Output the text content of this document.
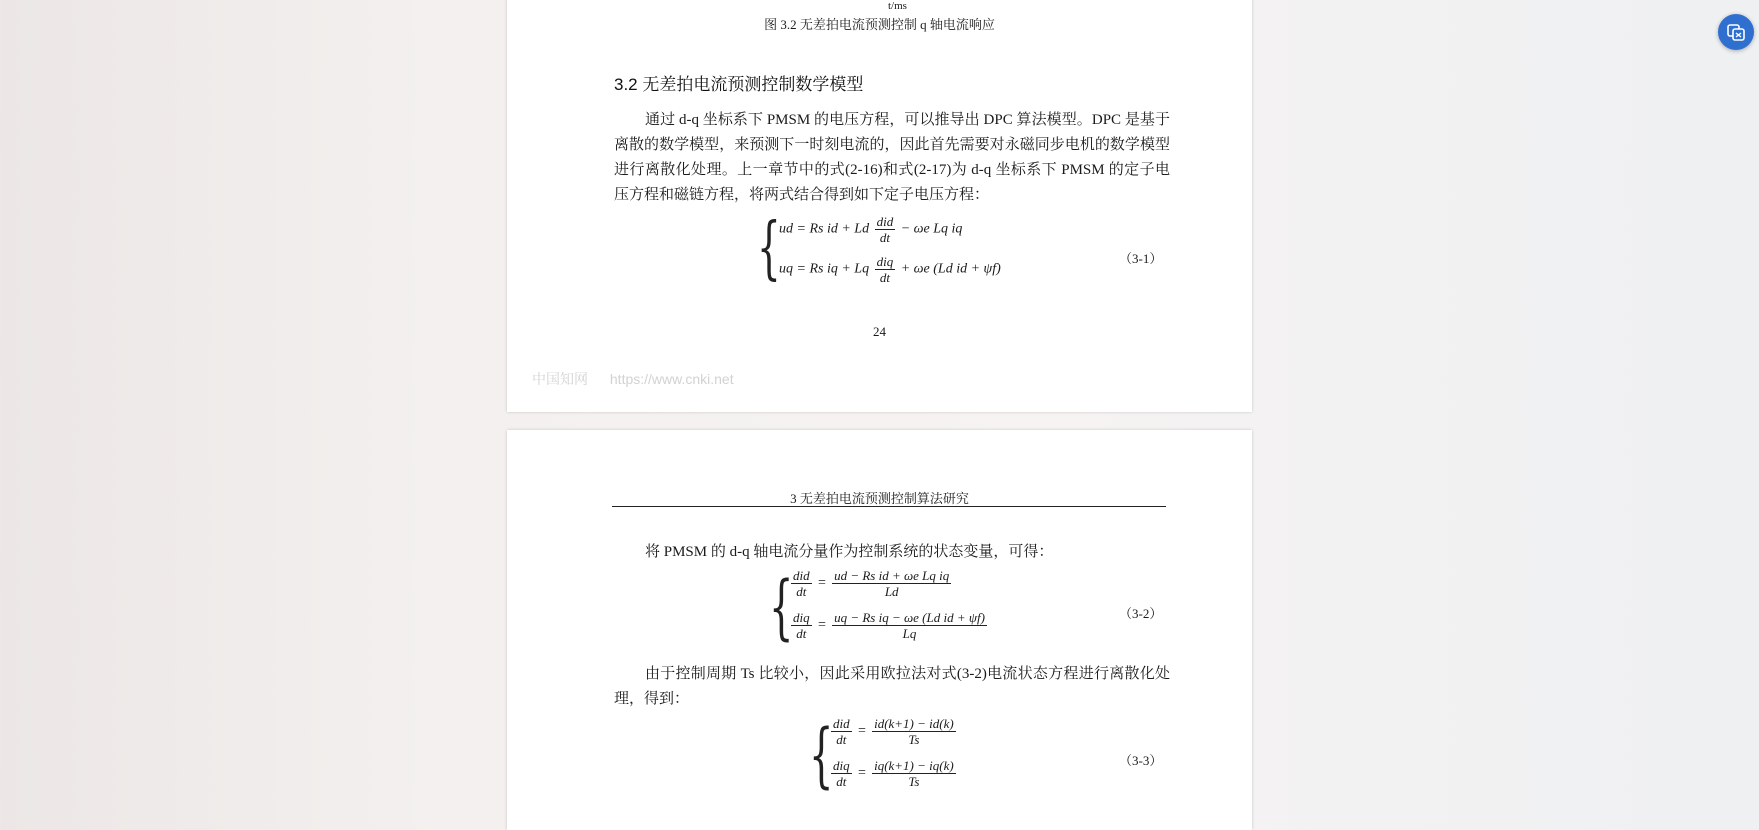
t/ms
图 3.2 无差拍电流预测控制 q 轴电流响应
3.2 无差拍电流预测控制数学模型
通过 d-q 坐标系下 PMSM 的电压方程，可以推导出 DPC 算法模型。DPC 是基于离散的数学模型，来预测下一时刻电流的，因此首先需要对永磁同步电机的数学模型进行离散化处理。上一章节中的式(2-16)和式(2-17)为 d-q 坐标系下 PMSM 的定子电压方程和磁链方程，将两式结合得到如下定子电压方程：
{
ud = Rs id + Ld $\frac{\text{did}}{dt} - \omega e$ Lq iq
uq = Rs iq + Lq $\frac{\text{diq}}{dt} + \omega e$ (Ld id + ψf)
（3-1）
24
中国知网 https://www.cnki.net
3 无差拍电流预测控制算法研究
将 PMSM 的 d-q 轴电流分量作为控制系统的状态变量，可得：
{
$\frac{\text{did}}{dt} = \frac{\text{ud − Rs id + ωe Lq iq}}{Ld}$
$\frac{\text{diq}}{dt} = \frac{\text{uq − Rs iq − ωe (Ld id + ψf)}}{Lq}$	（3-2）
由于控制周期 Ts 比较小，因此采用欧拉法对式(3-2)电流状态方程进行离散化处理，得到：
{
$\frac{\text{did}}{dt} = \frac{id(k+1) - id(k)}{Ts}$
$\frac{\text{diq}}{dt} = \frac{iq(k+1) - iq(k)}{Ts}$	（3-3）
